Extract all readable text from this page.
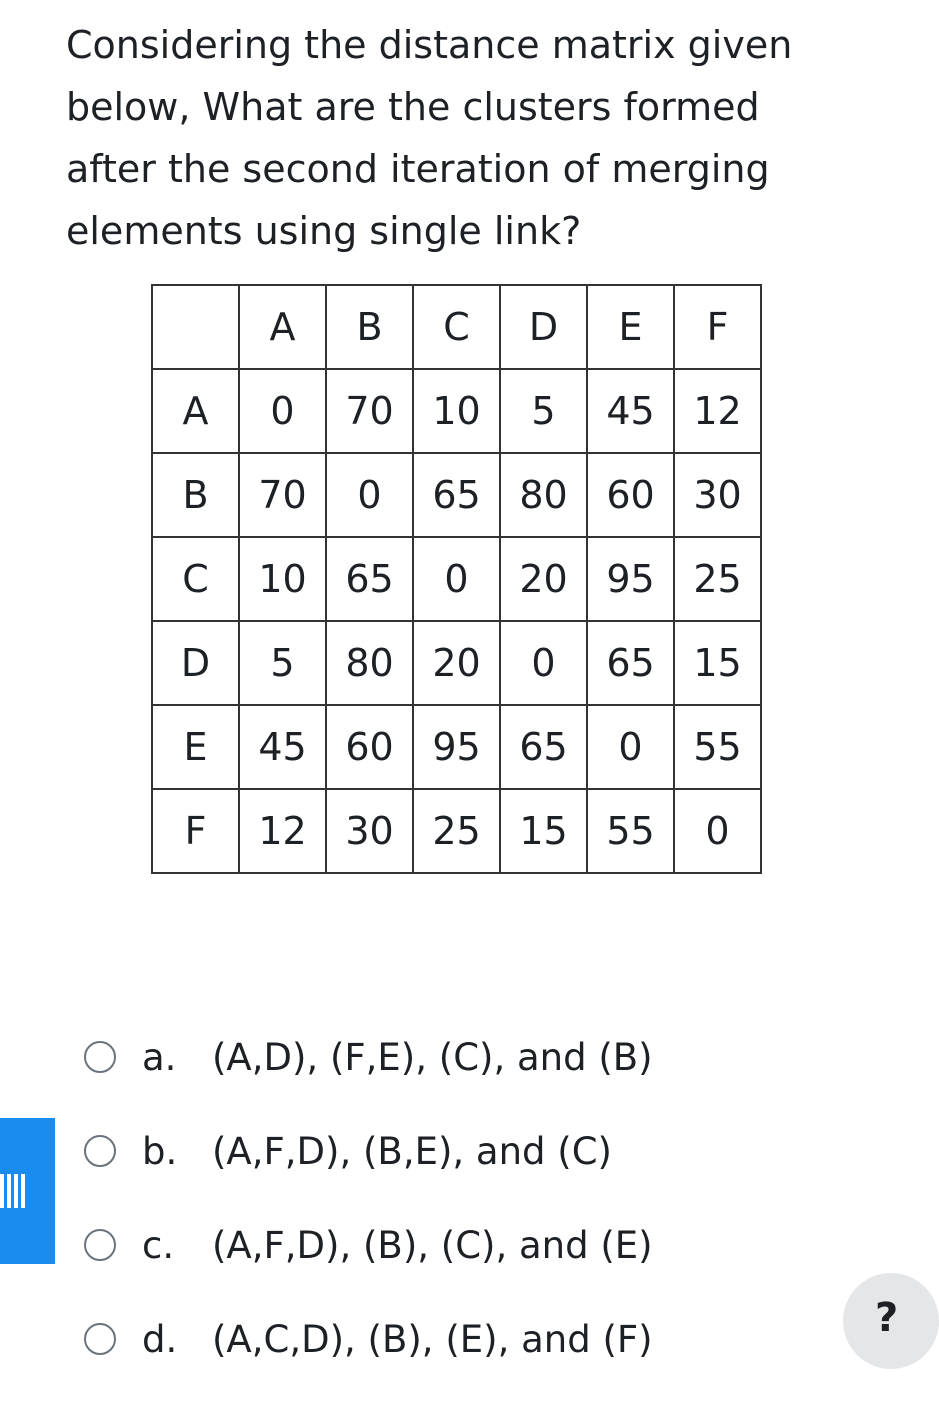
Considering the distance matrix given below, What are the clusters formed after the second iteration of merging elements using single link?

	A	B	C	D	E	F
A	0	70	10	5	45	12
B	70	0	65	80	60	30
C	10	65	0	20	95	25
D	5	80	20	0	65	15
E	45	60	95	65	0	55
F	12	30	25	15	55	0
a. (A,D), (F,E), (C), and (B)
b. (A,F,D), (B,E), and (C)
c.	(A,F,D), (B), (C), and (E)
d. (A,C,D), (B), (E), and (F)	?
